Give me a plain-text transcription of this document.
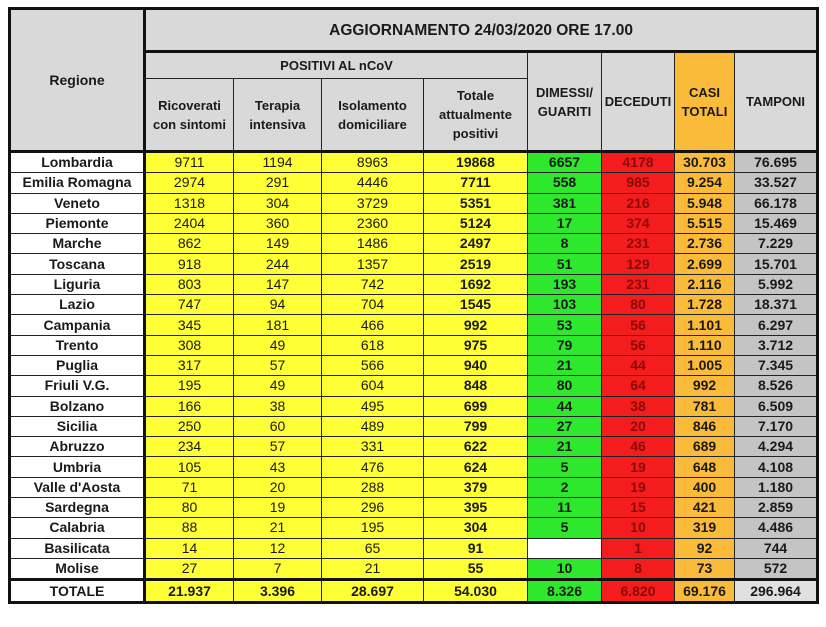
Regione	AGGIORNAMENTO 24/03/2020 ORE 17.00							
	POSITIVI AL nCoV				DIMESSI/ GUARITI	DECEDUTI	CASI TOTALI	TAMPONI
	Ricoverati con sintomi	Terapia intensiva	Isolamento domiciliare	Totale attualmente positivi				
Lombardia	9711	1194	8963	19868	6657	4178	30.703	76.695
Emilia Romagna	2974	291	4446	7711	558	985	9.254	33.527
Veneto	1318	304	3729	5351	381	216	5.948	66.178
Piemonte	2404	360	2360	5124	17	374	5.515	15.469
Marche	862	149	1486	2497	8	231	2.736	7.229
Toscana	918	244	1357	2519	51	129	2.699	15.701
Liguria	803	147	742	1692	193	231	2.116	5.992
Lazio	747	94	704	1545	103	80	1.728	18.371
Campania	345	181	466	992	53	56	1.101	6.297
Trento	308	49	618	975	79	56	1.110	3.712
Puglia	317	57	566	940	21	44	1.005	7.345
Friuli V.G.	195	49	604	848	80	64	992	8.526
Bolzano	166	38	495	699	44	38	781	6.509
Sicilia	250	60	489	799	27	20	846	7.170
Abruzzo	234	57	331	622	21	46	689	4.294
Umbria	105	43	476	624	5	19	648	4.108
Valle d'Aosta	71	20	288	379	2	19	400	1.180
Sardegna	80	19	296	395	11	15	421	2.859
Calabria	88	21	195	304	5	10	319	4.486
Basilicata	14	12	65	91		1	92	744
Molise	27	7	21	55	10	8	73	572
TOTALE	21.937	3.396	28.697	54.030	8.326	6.820	69.176	296.964
